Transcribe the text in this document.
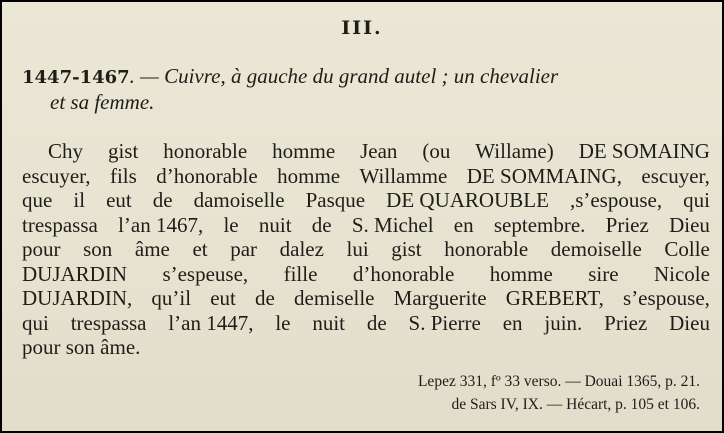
III.
1447-1467. — Cuivre, à gauche du grand autel ; un chevalier
et sa femme.
Chy gist honorable homme Jean (ou Willame) DE SOMAING
escuyer, fils d’honorable homme Willamme DE SOMMAING, escuyer,
que il eut de damoiselle Pasque DE QUAROUBLE ,s’espouse, qui
trespassa l’an 1467, le nuit de S. Michel en septembre. Priez Dieu
pour son âme et par dalez lui gist honorable demoiselle Colle
DUJARDIN s’espeuse, fille d’honorable homme sire Nicole
DUJARDIN, qu’il eut de demiselle Marguerite GREBERT, s’espouse,
qui trespassa l’an 1447, le nuit de S. Pierre en juin. Priez Dieu
pour son âme.
Lepez 331, fº 33 verso. — Douai 1365, p. 21.
de Sars IV, IX. — Hécart, p. 105 et 106.
